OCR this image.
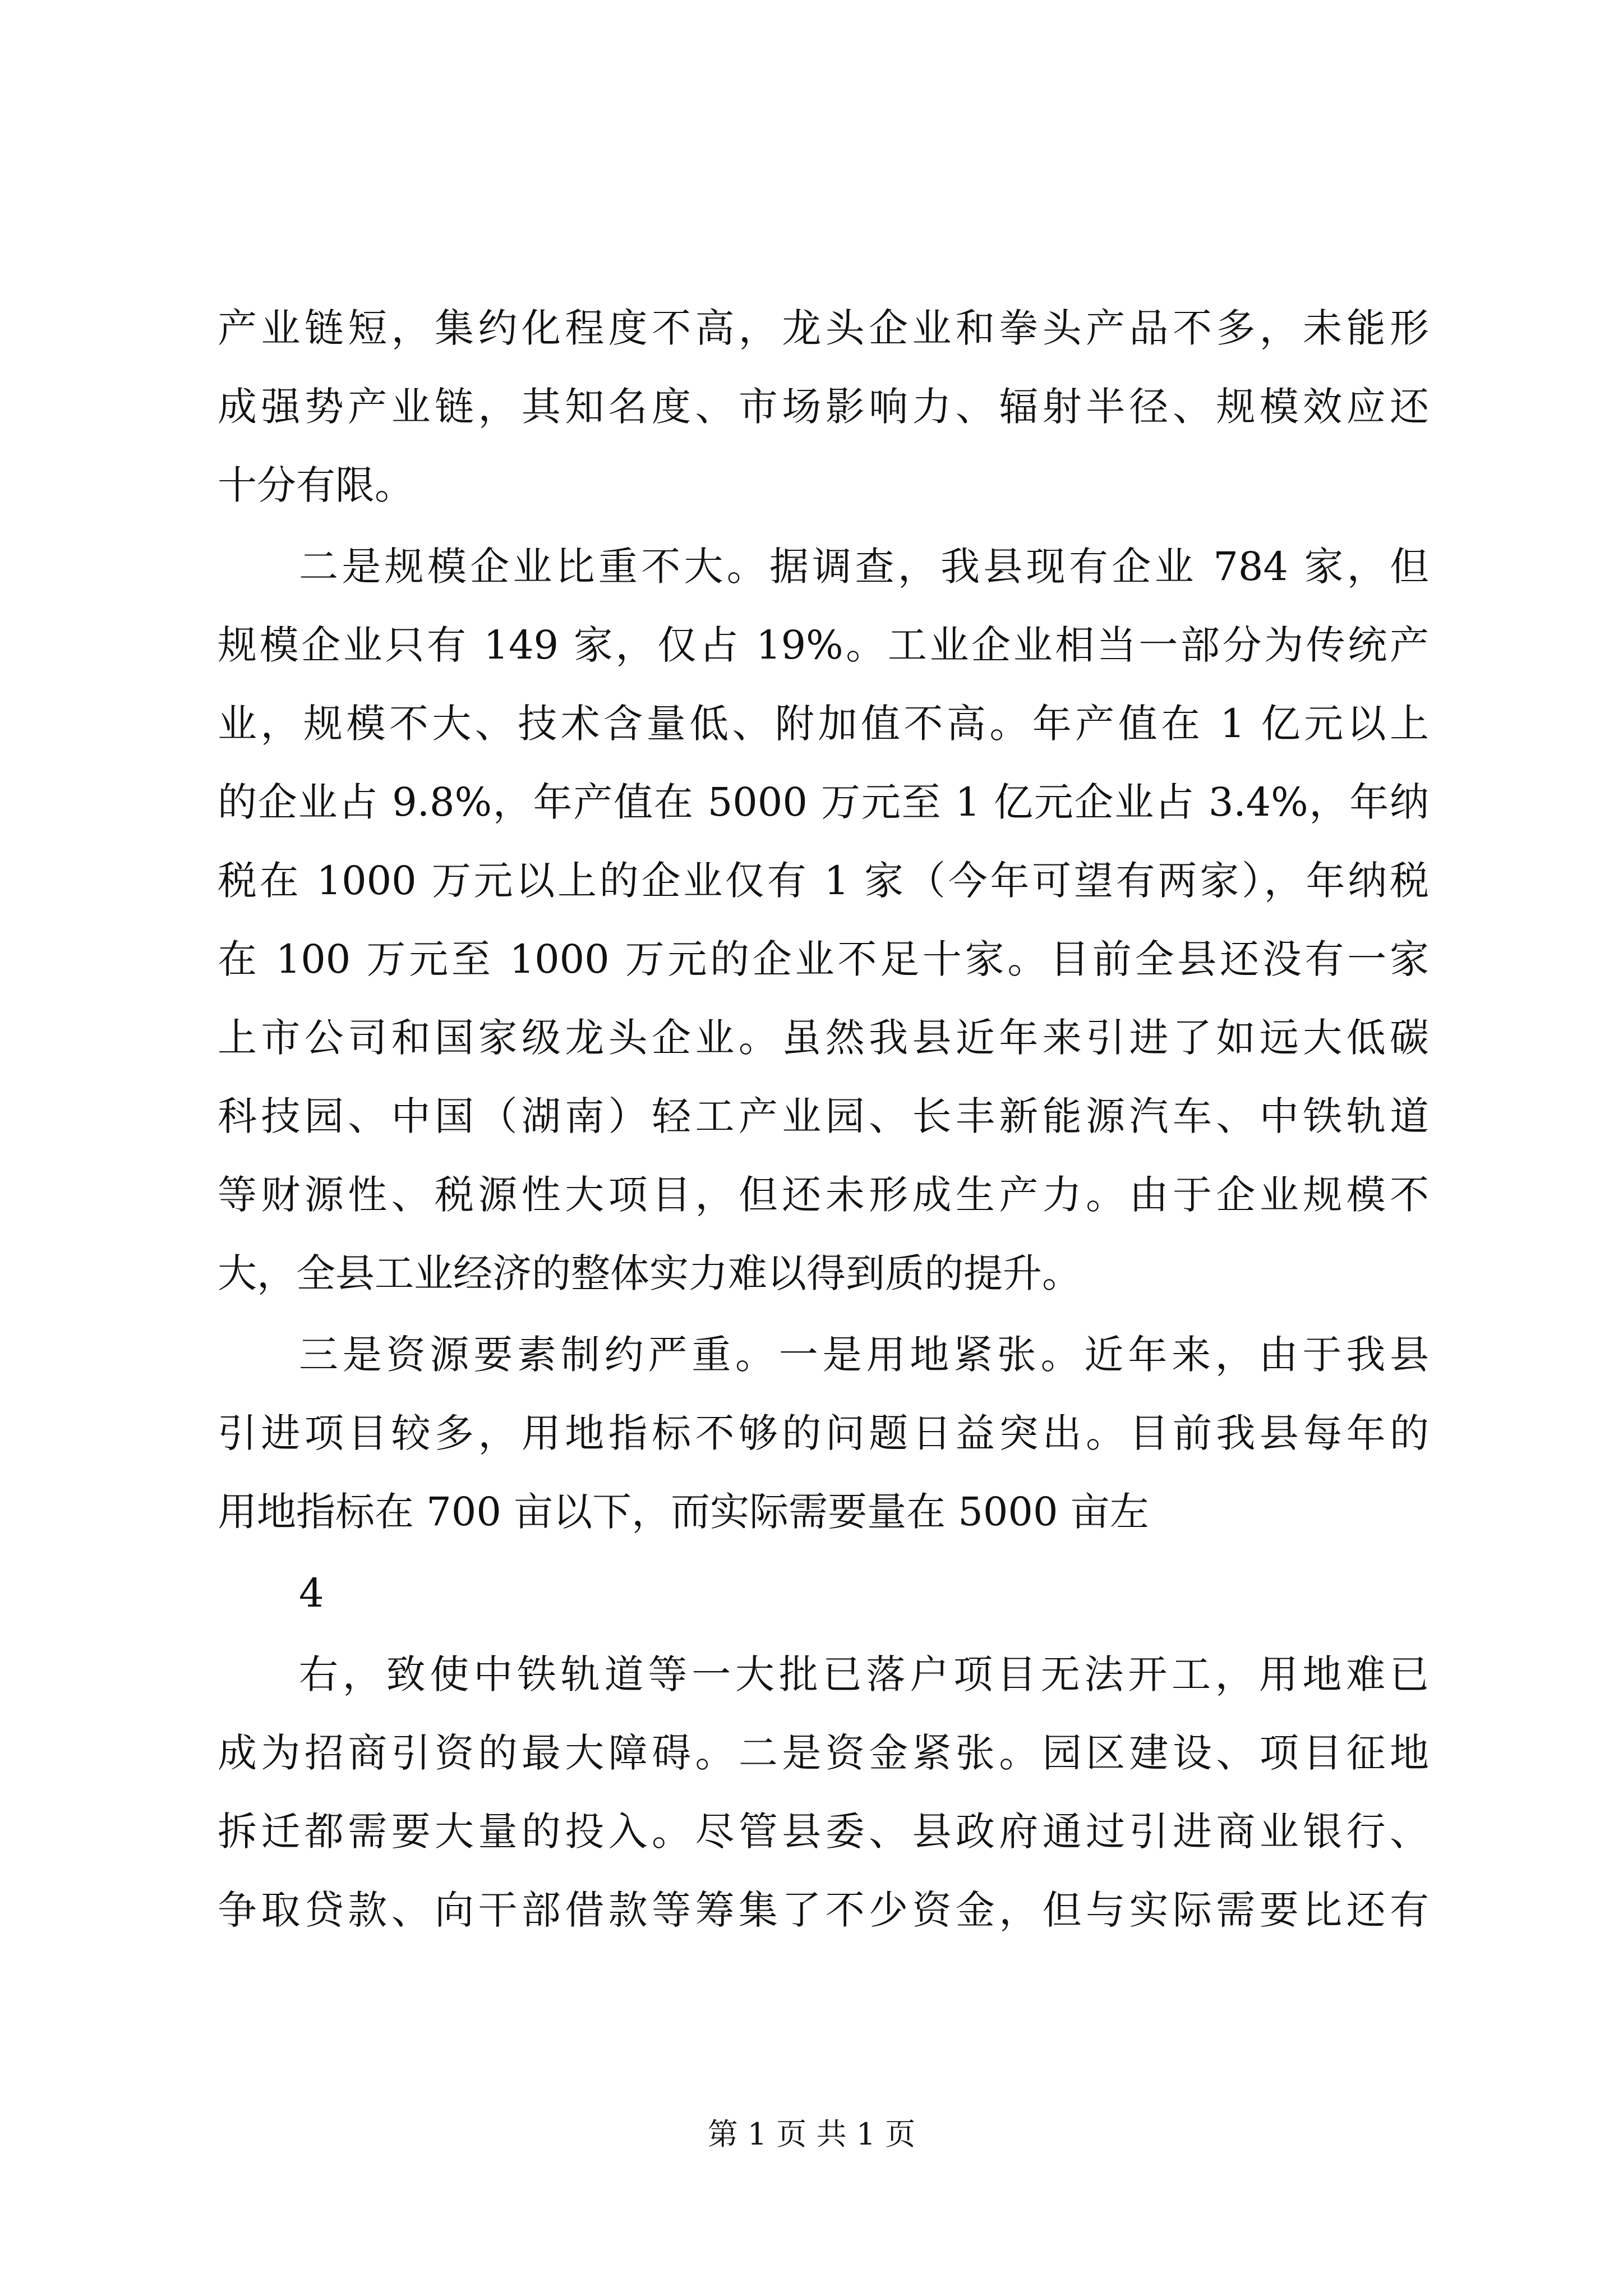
产业链短，集约化程度不高，龙头企业和拳头产品不多，未能形
成强势产业链，其知名度、市场影响力、辐射半径、规模效应还
十分有限。
二是规模企业比重不大。据调查，我县现有企业 784 家，但
规模企业只有 149 家，仅占 19%。工业企业相当一部分为传统产
业，规模不大、技术含量低、附加值不高。年产值在 1 亿元以上
的企业占 9.8%，年产值在 5000 万元至 1 亿元企业占 3.4%，年纳
税在 1000 万元以上的企业仅有 1 家（今年可望有两家），年纳税
在 100 万元至 1000 万元的企业不足十家。目前全县还没有一家
上市公司和国家级龙头企业。虽然我县近年来引进了如远大低碳
科技园、中国（湖南）轻工产业园、长丰新能源汽车、中铁轨道
等财源性、税源性大项目，但还未形成生产力。由于企业规模不
大，全县工业经济的整体实力难以得到质的提升。
三是资源要素制约严重。一是用地紧张。近年来，由于我县
引进项目较多，用地指标不够的问题日益突出。目前我县每年的
用地指标在 700 亩以下，而实际需要量在 5000 亩左
4
右，致使中铁轨道等一大批已落户项目无法开工，用地难已
成为招商引资的最大障碍。二是资金紧张。园区建设、项目征地
拆迁都需要大量的投入。尽管县委、县政府通过引进商业银行、
争取贷款、向干部借款等筹集了不少资金，但与实际需要比还有
第 1 页 共 1 页
